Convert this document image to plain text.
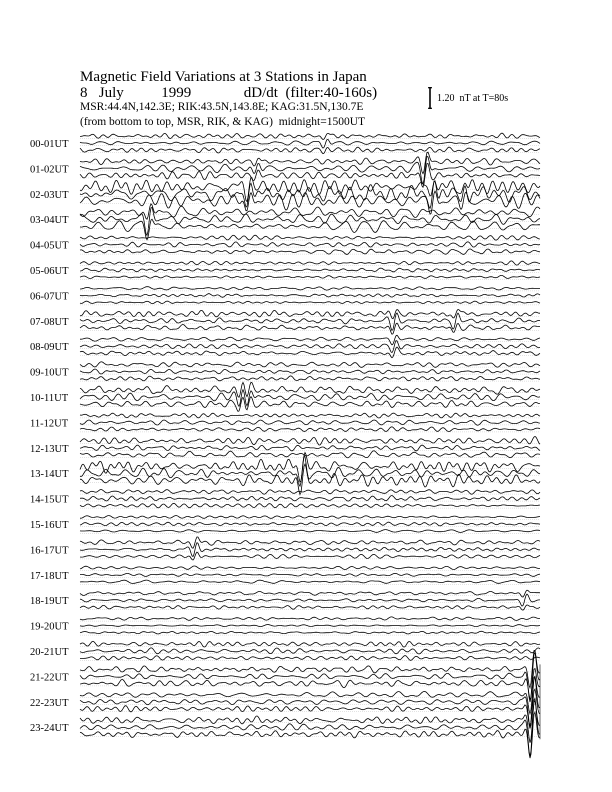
Magnetic Field Variations at 3 Stations in Japan
8 July	1999	dD/dt (filter:40-160s)
MSR:44.4N,142.3E; RIK:43.5N,143.8E; KAG:31.5N,130.7E
(from bottom to top, MSR, RIK, & KAG) midnight=1500UT
1.20  nT at T=80s
00-01UT
01-02UT
02-03UT
03-04UT
04-05UT
05-06UT
06-07UT
07-08UT
08-09UT
09-10UT
10-11UT
11-12UT
12-13UT
13-14UT
14-15UT
15-16UT
16-17UT
17-18UT
18-19UT
19-20UT
20-21UT
21-22UT
22-23UT
23-24UT
